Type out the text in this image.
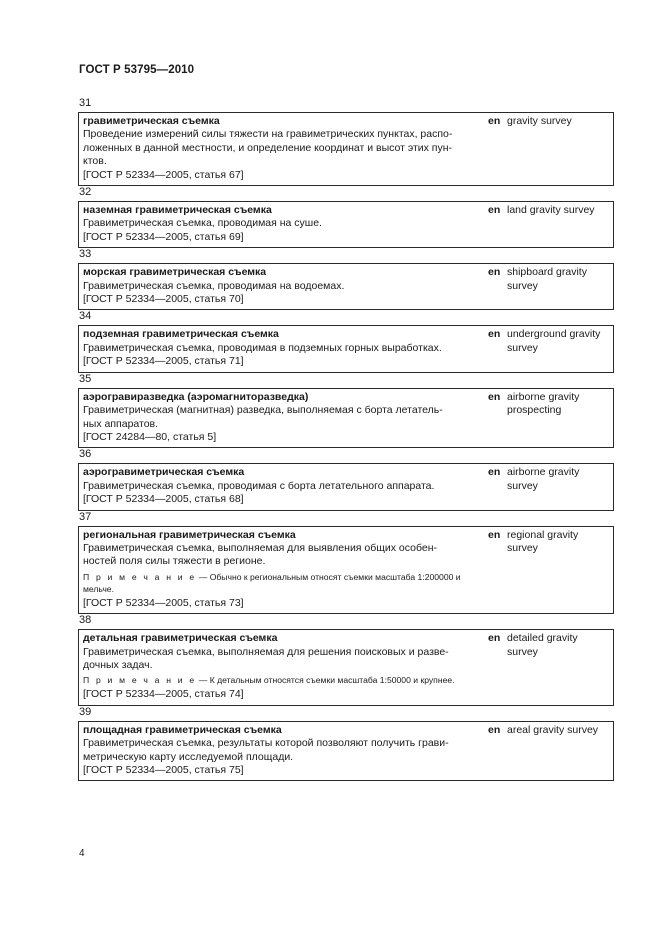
ГОСТ Р 53795—2010
31
гравиметрическая съемка
Проведение измерений силы тяжести на гравиметрических пунктах, распо-
ложенных в данной местности, и определение координат и высот этих пун-
ктов.
[ГОСТ Р 52334—2005, статья 67]
en gravity survey
32
наземная гравиметрическая съемка
Гравиметрическая съемка, проводимая на суше.
[ГОСТ Р 52334—2005, статья 69]
en land gravity survey
33
морская гравиметрическая съемка
Гравиметрическая съемка, проводимая на водоемах.
[ГОСТ Р 52334—2005, статья 70]
en shipboard gravity survey
34
подземная гравиметрическая съемка
Гравиметрическая съемка, проводимая в подземных горных выработках.
[ГОСТ Р 52334—2005, статья 71]
en underground gravity survey
35
аэрогравиразведка (аэромагниторазведка)
Гравиметрическая (магнитная) разведка, выполняемая с борта летатель-
ных аппаратов.
[ГОСТ 24284—80, статья 5]
en airborne gravity prospecting
36
аэрогравиметрическая съемка
Гравиметрическая съемка, проводимая с борта летательного аппарата.
[ГОСТ Р 52334—2005, статья 68]
en airborne gravity survey
37
региональная гравиметрическая съемка
Гравиметрическая съемка, выполняемая для выявления общих особен-
ностей поля силы тяжести в регионе.
П р и м е ч а н и е — Обычно к региональным относят съемки масштаба 1:200000 и мельче.
[ГОСТ Р 52334—2005, статья 73]
en regional gravity survey
38
детальная гравиметрическая съемка
Гравиметрическая съемка, выполняемая для решения поисковых и разве-
дочных задач.
П р и м е ч а н и е — К детальным относятся съемки масштаба 1:50000 и крупнее.
[ГОСТ Р 52334—2005, статья 74]
en detailed gravity survey
39
площадная гравиметрическая съемка
Гравиметрическая съемка, результаты которой позволяют получить грави-
метрическую карту исследуемой площади.
[ГОСТ Р 52334—2005, статья 75]
en areal gravity survey
4
